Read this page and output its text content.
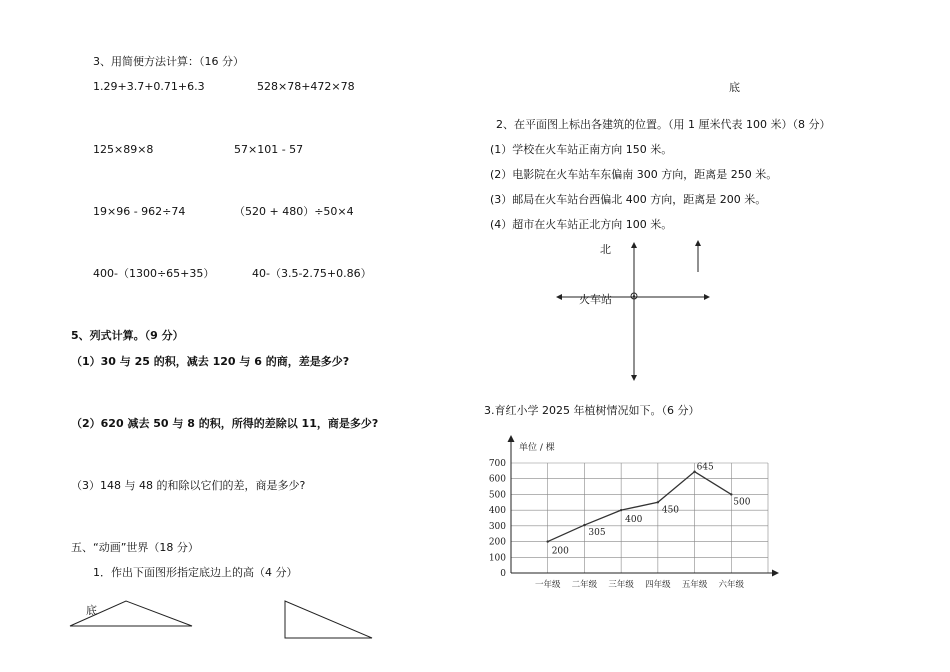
3、用简便方法计算：（16 分）
1.29+3.7+0.71+6.3	528×78+472×78
125×89×8	57×101 - 57
19×96 - 962÷74	（520 + 480）÷50×4
400-（1300÷65+35）	40-（3.5-2.75+0.86）
5、列式计算。（9 分）
（1）30 与 25 的积，减去 120 与 6 的商，差是多少?
（2）620 减去 50 与 8 的积，所得的差除以 11，商是多少?
（3）148 与 48 的和除以它们的差，商是多少?
五、“动画”世界（18 分）
1．作出下面图形指定底边上的高（4 分）
底
底
2、在平面图上标出各建筑的位置。（用 1 厘米代表 100 米）（8 分）
(1）学校在火车站正南方向 150 米。
(2）电影院在火车站车东偏南 300 方向，距离是 250 米。
(3）邮局在火车站台西偏北 400 方向，距离是 200 米。
(4）超市在火车站正北方向 100 米。
北
火车站
3.育红小学 2025 年植树情况如下。（6 分）
0
100
200
300
400
500
600
700
单位 / 棵
一年级 二年级 三年级 四年级 五年级 六年级
200
305
400
450
645
500
